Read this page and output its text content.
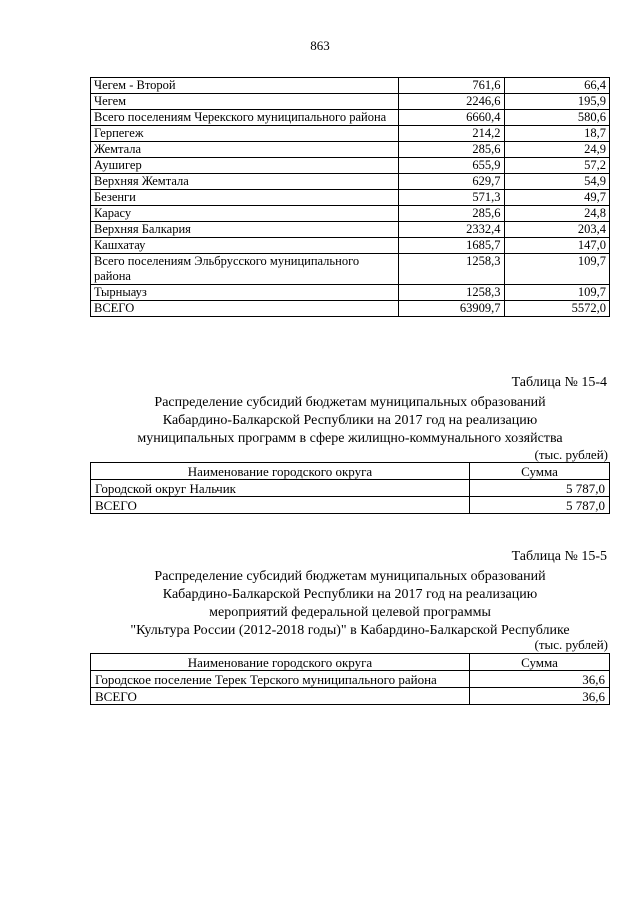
863
Чегем - Второй	761,6	66,4
Чегем	2246,6	195,9
Всего поселениям Черекского муниципального района	6660,4	580,6
Герпегеж	214,2	18,7
Жемтала	285,6	24,9
Аушигер	655,9	57,2
Верхняя Жемтала	629,7	54,9
Безенги	571,3	49,7
Карасу	285,6	24,8
Верхняя Балкария	2332,4	203,4
Кашхатау	1685,7	147,0
Всего поселениям Эльбрусского муниципального района	1258,3	109,7
Тырныауз	1258,3	109,7
ВСЕГО	63909,7	5572,0
Таблица № 15-4
Распределение субсидий бюджетам муниципальных образований
Кабардино-Балкарской Республики на 2017 год на реализацию
муниципальных программ в сфере жилищно-коммунального хозяйства
(тыс. рублей)
Наименование городского округа	Сумма
Городской округ Нальчик	5 787,0
ВСЕГО	5 787,0
Таблица № 15-5
Распределение субсидий бюджетам муниципальных образований
Кабардино-Балкарской Республики на 2017 год на реализацию
мероприятий федеральной целевой программы
"Культура России (2012-2018 годы)" в Кабардино-Балкарской Республике
(тыс. рублей)
Наименование городского округа	Сумма
Городское поселение Терек Терского муниципального района	36,6
ВСЕГО	36,6
